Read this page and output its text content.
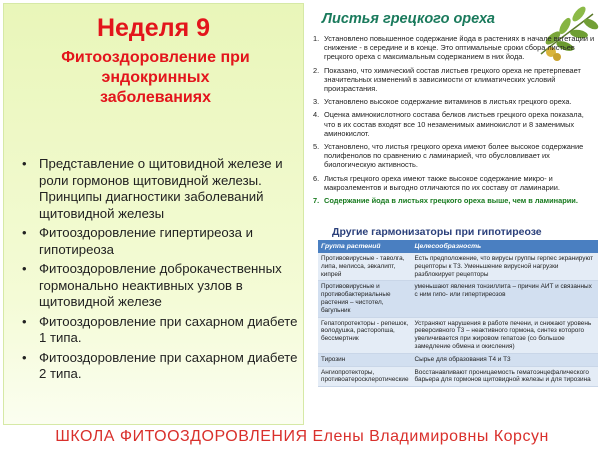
Неделя 9
Фитооздоровление при
эндокринных
заболеваниях
• Представление о щитовидной железе и роли гормонов щитовидной железы. Принципы диагностики заболеваний щитовидной железы
• Фитооздоровление гипертиреоза и гипотиреоза
• Фитооздоровление доброкачественных гормонально неактивных узлов в щитовидной железе
• Фитооздоровление при сахарном диабете 1 типа.
• Фитооздоровление при сахарном диабете 2 типа.
Листья грецкого ореха
1. Установлено повышенное содержание йода в растениях в начале вегетации и снижение - в середине и в конце. Это оптимальные сроки сбора листьев грецкого ореха с максимальным содержанием в них йода.
2. Показано, что химический состав листьев грецкого ореха не претерпевает значительных изменений в зависимости от климатических условий произрастания.
3. Установлено высокое содержание витаминов в листьях грецкого ореха.
4. Оценка аминокислотного состава белков листьев грецкого ореха показала, что в их состав входят все 10 незаменимых аминокислот и 8 заменимых аминокислот.
5. Установлено, что листья грецкого ореха имеют более высокое содержание полифенолов по сравнению с ламинарией, что обусловливает их биологическую активность.
6. Листья грецкого ореха имеют также высокое содержание микро- и макроэлементов и выгодно отличаются по их составу от ламинарии.
7. Содержание йода в листьях грецкого ореха выше, чем в ламинарии.
Другие гармонизаторы при гипотиреозе
Группа растений	Целесообразность
Противовирусные - таволга, липа, мелисса, эвкалипт, кипрей	Есть предположение, что вирусы группы герпес экранируют рецепторы к Т3. Уменьшение вирусной нагрузки разблокирует рецепторы
Противовирусные и противобактериальные растения – чистотел, багульник	уменьшают явления тонзиллита – причин АИТ и связанных с ним гипо- или гипертиреозов
Гепатопротекторы - репешок, володушка, расторопша, бессмертник	Устраняют нарушения в работе печени, и снижают уровень реверсивного Т3 – неактивного гормона, синтез которого увеличивается при жировом гепатозе (со большое замедление обмена и окисления)
Тирозин	Сырье для образования Т4 и Т3
Ангиопротекторы, противоатеросклеротические	Восстанавливают проницаемость гематоэнцефалического барьера для гормонов щитовидной железы и для тирозина
ШКОЛА ФИТООЗДОРОВЛЕНИЯ Елены Владимировны Корсун
